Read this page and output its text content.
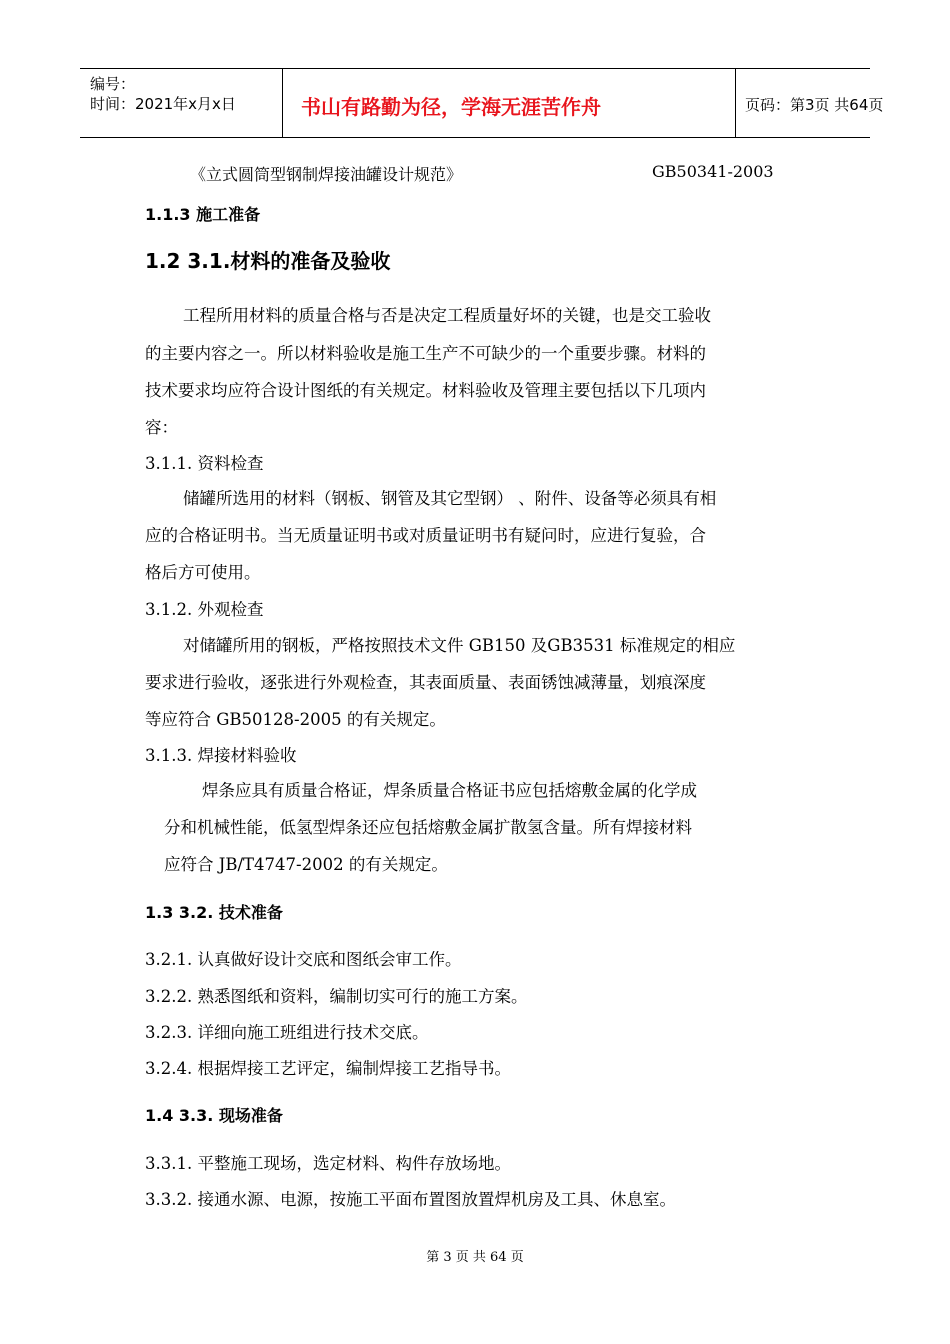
编号：
时间：2021年x月x日	书山有路勤为径，学海无涯苦作舟	页码：第3页 共64页
《立式圆筒型钢制焊接油罐设计规范》	GB50341-2003
1.1.3 施工准备
1.2 3.1.材料的准备及验收
工程所用材料的质量合格与否是决定工程质量好坏的关键，也是交工验收
的主要内容之一。所以材料验收是施工生产不可缺少的一个重要步骤。材料的
技术要求均应符合设计图纸的有关规定。材料验收及管理主要包括以下几项内
容：
3.1.1. 资料检查
储罐所选用的材料（钢板、钢管及其它型钢） 、附件、设备等必须具有相
应的合格证明书。当无质量证明书或对质量证明书有疑问时，应进行复验，合
格后方可使用。
3.1.2. 外观检查
对储罐所用的钢板，严格按照技术文件 GB150 及GB3531 标准规定的相应
要求进行验收，逐张进行外观检查，其表面质量、表面锈蚀减薄量，划痕深度
等应符合 GB50128-2005 的有关规定。
3.1.3. 焊接材料验收
焊条应具有质量合格证，焊条质量合格证书应包括熔敷金属的化学成
分和机械性能，低氢型焊条还应包括熔敷金属扩散氢含量。所有焊接材料
应符合 JB/T4747-2002 的有关规定。
1.3 3.2. 技术准备
3.2.1. 认真做好设计交底和图纸会审工作。
3.2.2. 熟悉图纸和资料，编制切实可行的施工方案。
3.2.3. 详细向施工班组进行技术交底。
3.2.4. 根据焊接工艺评定，编制焊接工艺指导书。
1.4 3.3. 现场准备
3.3.1. 平整施工现场，选定材料、构件存放场地。
3.3.2. 接通水源、电源，按施工平面布置图放置焊机房及工具、休息室。
第 3 页 共 64 页
